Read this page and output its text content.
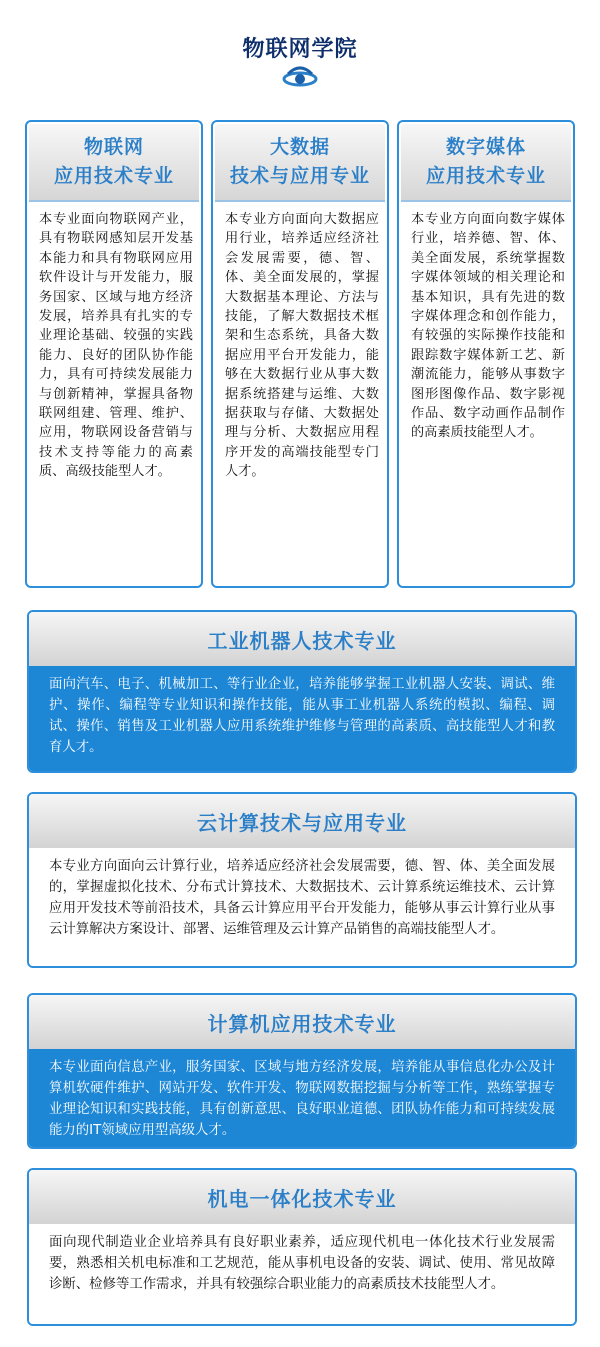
物联网学院
物联网
应用技术专业
本专业面向物联网产业，具有物联网感知层开发基本能力和具有物联网应用软件设计与开发能力，服务国家、区域与地方经济发展，培养具有扎实的专业理论基础、较强的实践能力、良好的团队协作能力，具有可持续发展能力与创新精神，掌握具备物联网组建、管理、维护、应用，物联网设备营销与技术支持等能力的高素质、高级技能型人才。
大数据
技术与应用专业
本专业方向面向大数据应用行业，培养适应经济社会发展需要，德、智、体、美全面发展的，掌握大数据基本理论、方法与技能，了解大数据技术框架和生态系统，具备大数据应用平台开发能力，能够在大数据行业从事大数据系统搭建与运维、大数据获取与存储、大数据处理与分析、大数据应用程序开发的高端技能型专门人才。
数字媒体
应用技术专业
本专业方向面向数字媒体行业，培养德、智、体、美全面发展，系统掌握数字媒体领域的相关理论和基本知识，具有先进的数字媒体理念和创作能力，有较强的实际操作技能和跟踪数字媒体新工艺、新潮流能力，能够从事数字图形图像作品、数字影视作品、数字动画作品制作的高素质技能型人才。
工业机器人技术专业
面向汽车、电子、机械加工、等行业企业，培养能够掌握工业机器人安装、调试、维护、操作、编程等专业知识和操作技能，能从事工业机器人系统的模拟、编程、调试、操作、销售及工业机器人应用系统维护维修与管理的高素质、高技能型人才和教育人才。
云计算技术与应用专业
本专业方向面向云计算行业，培养适应经济社会发展需要，德、智、体、美全面发展的，掌握虚拟化技术、分布式计算技术、大数据技术、云计算系统运维技术、云计算应用开发技术等前沿技术，具备云计算应用平台开发能力，能够从事云计算行业从事云计算解决方案设计、部署、运维管理及云计算产品销售的高端技能型人才。
计算机应用技术专业
本专业面向信息产业，服务国家、区域与地方经济发展，培养能从事信息化办公及计算机软硬件维护、网站开发、软件开发、物联网数据挖掘与分析等工作，熟练掌握专业理论知识和实践技能，具有创新意思、良好职业道德、团队协作能力和可持续发展能力的IT领域应用型高级人才。
机电一体化技术专业
面向现代制造业企业培养具有良好职业素养，适应现代机电一体化技术行业发展需要，熟悉相关机电标准和工艺规范，能从事机电设备的安装、调试、使用、常见故障诊断、检修等工作需求，并具有较强综合职业能力的高素质技术技能型人才。
